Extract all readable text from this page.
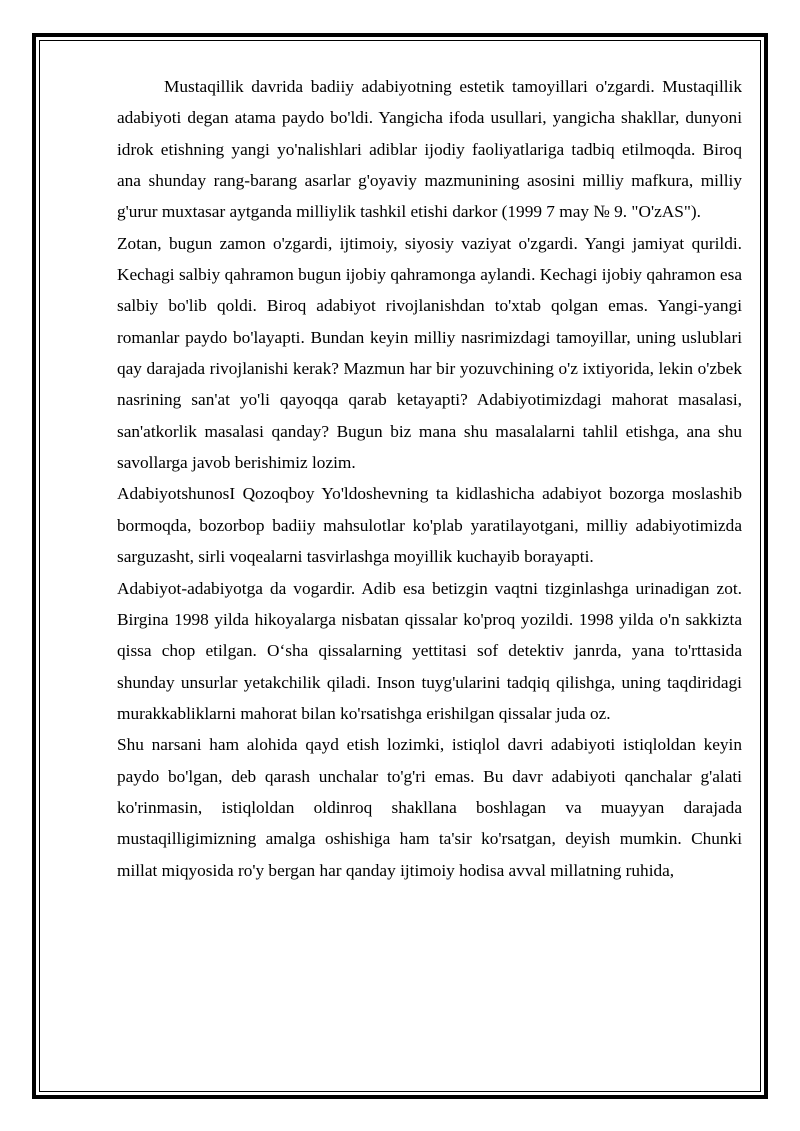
Mustaqillik davrida badiiy adabiyotning estetik tamoyillari o'zgardi. Mustaqillik adabiyoti degan atama paydo bo'ldi. Yangicha ifoda usullari, yangicha shakllar, dunyoni idrok etishning yangi yo'nalishlari adiblar ijodiy faoliyatlariga tadbiq etilmoqda. Biroq ana shunday rang-barang asarlar g'oyaviy mazmunining asosini milliy mafkura, milliy g'urur muxtasar aytganda milliylik tashkil etishi darkor (1999 7 may № 9. "O'zAS").

Zotan, bugun zamon o'zgardi, ijtimoiy, siyosiy vaziyat o'zgardi. Yangi jamiyat qurildi. Kechagi salbiy qahramon bugun ijobiy qahramonga aylandi. Kechagi ijobiy qahramon esa salbiy bo'lib qoldi. Biroq adabiyot rivojlanishdan to'xtab qolgan emas. Yangi-yangi romanlar paydo bo'layapti. Bundan keyin milliy nasrimizdagi tamoyillar, uning uslublari qay darajada rivojlanishi kerak? Mazmun har bir yozuvchining o'z ixtiyorida, lekin o'zbek nasrining san'at yo'li qayoqqa qarab ketayapti? Adabiyotimizdagi mahorat masalasi, san'atkorlik masalasi qanday? Bugun biz mana shu masalalarni tahlil etishga, ana shu savollarga javob berishimiz lozim.

AdabiyotshunosI Qozoqboy Yo'ldoshevning ta kidlashicha adabiyot bozorga moslashib bormoqda, bozorbop badiiy mahsulotlar ko'plab yaratilayotgani, milliy adabiyotimizda sarguzasht, sirli voqealarni tasvirlashga moyillik kuchayib borayapti.

Adabiyot-adabiyotga da vogardir. Adib esa betizgin vaqtni tizginlashga urinadigan zot. Birgina 1998 yilda hikoyalarga nisbatan qissalar ko'proq yozildi. 1998 yilda o'n sakkizta qissa chop etilgan. O‘sha qissalarning yettitasi sof detektiv janrda, yana to'rttasida shunday unsurlar yetakchilik qiladi. Inson tuyg'ularini tadqiq qilishga, uning taqdiridagi murakkabliklarni mahorat bilan ko'rsatishga erishilgan qissalar juda oz.

Shu narsani ham alohida qayd etish lozimki, istiqlol davri adabiyoti istiqloldan keyin paydo bo'lgan, deb qarash unchalar to'g'ri emas. Bu davr adabiyoti qanchalar g'alati ko'rinmasin, istiqloldan oldinroq shakllana boshlagan va muayyan darajada mustaqilligimizning amalga oshishiga ham ta'sir ko'rsatgan, deyish mumkin. Chunki millat miqyosida ro'y bergan har qanday ijtimoiy hodisa avval millatning ruhida,
